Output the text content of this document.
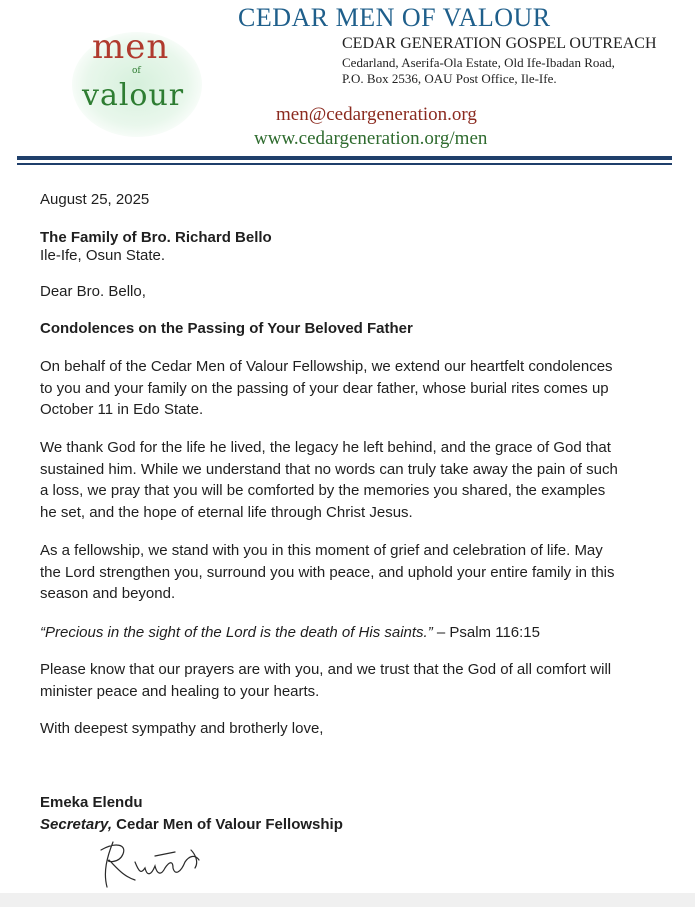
men
of
valour
CEDAR MEN OF VALOUR
CEDAR GENERATION GOSPEL OUTREACH
Cedarland, Aserifa-Ola Estate, Old Ife-Ibadan Road,
P.O. Box 2536, OAU Post Office, Ile-Ife.
men@cedargeneration.org
www.cedargeneration.org/men
August 25, 2025
The Family of Bro. Richard Bello
Ile-Ife, Osun State.
Dear Bro. Bello,
Condolences on the Passing of Your Beloved Father
On behalf of the Cedar Men of Valour Fellowship, we extend our heartfelt condolences
to you and your family on the passing of your dear father, whose burial rites comes up
October 11 in Edo State.
We thank God for the life he lived, the legacy he left behind, and the grace of God that
sustained him. While we understand that no words can truly take away the pain of such
a loss, we pray that you will be comforted by the memories you shared, the examples
he set, and the hope of eternal life through Christ Jesus.
As a fellowship, we stand with you in this moment of grief and celebration of life. May
the Lord strengthen you, surround you with peace, and uphold your entire family in this
season and beyond.
“Precious in the sight of the Lord is the death of His saints.” – Psalm 116:15
Please know that our prayers are with you, and we trust that the God of all comfort will
minister peace and healing to your hearts.
With deepest sympathy and brotherly love,
Emeka Elendu
Secretary, Cedar Men of Valour Fellowship
